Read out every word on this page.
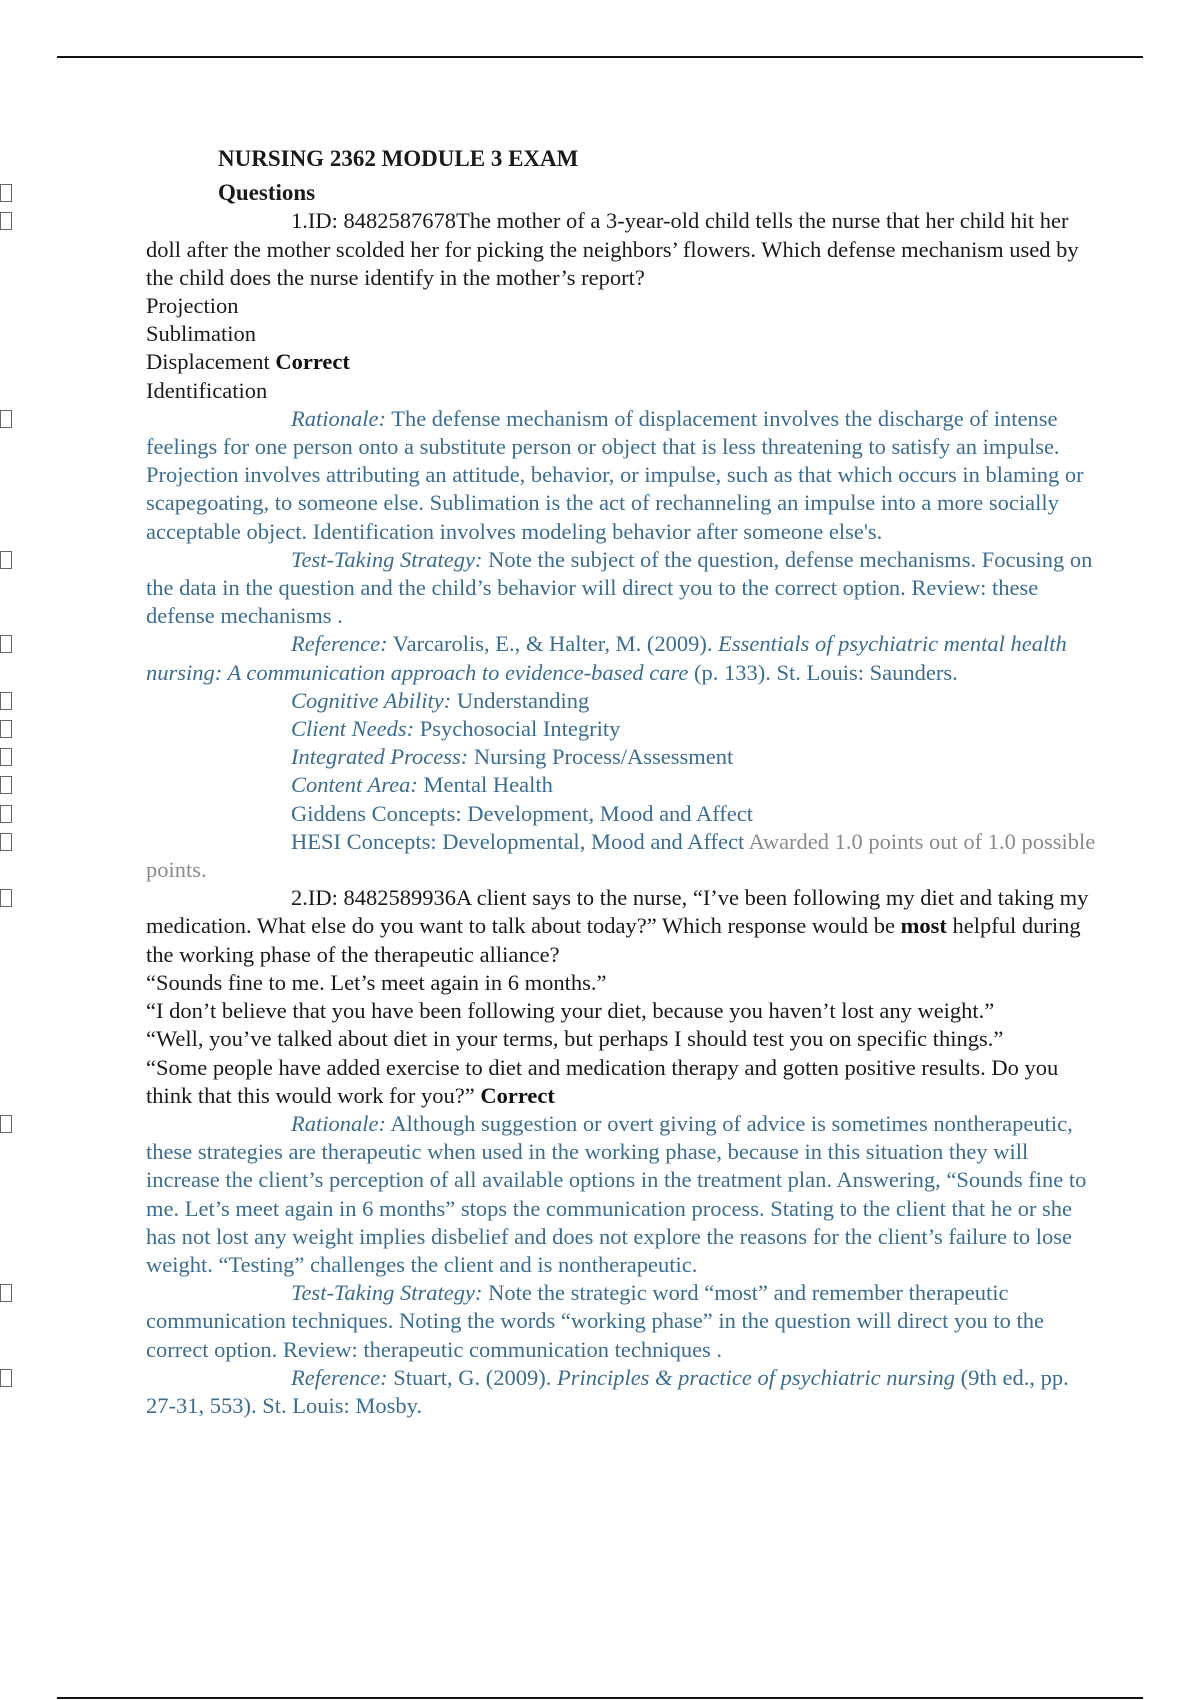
NURSING 2362 MODULE 3 EXAM

Questions

1.ID: 8482587678The mother of a 3-year-old child tells the nurse that her child hit her doll after the mother scolded her for picking the neighbors’ flowers. Which defense mechanism used by the child does the nurse identify in the mother’s report?

Projection

Sublimation

Displacement Correct

Identification

Rationale: The defense mechanism of displacement involves the discharge of intense feelings for one person onto a substitute person or object that is less threatening to satisfy an impulse. Projection involves attributing an attitude, behavior, or impulse, such as that which occurs in blaming or scapegoating, to someone else. Sublimation is the act of rechanneling an impulse into a more socially acceptable object. Identification involves modeling behavior after someone else's.

Test-Taking Strategy: Note the subject of the question, defense mechanisms. Focusing on the data in the question and the child’s behavior will direct you to the correct option. Review: these defense mechanisms .

Reference: Varcarolis, E., & Halter, M. (2009). Essentials of psychiatric mental health nursing: A communication approach to evidence-based care (p. 133). St. Louis: Saunders.

Cognitive Ability: Understanding

Client Needs: Psychosocial Integrity

Integrated Process: Nursing Process/Assessment

Content Area: Mental Health

Giddens Concepts: Development, Mood and Affect

HESI Concepts: Developmental, Mood and Affect Awarded 1.0 points out of 1.0 possible points.

2.ID: 8482589936A client says to the nurse, “I’ve been following my diet and taking my medication. What else do you want to talk about today?” Which response would be most helpful during the working phase of the therapeutic alliance?

“Sounds fine to me. Let’s meet again in 6 months.”

“I don’t believe that you have been following your diet, because you haven’t lost any weight.”

“Well, you’ve talked about diet in your terms, but perhaps I should test you on specific things.”

“Some people have added exercise to diet and medication therapy and gotten positive results. Do you think that this would work for you?” Correct

Rationale: Although suggestion or overt giving of advice is sometimes nontherapeutic, these strategies are therapeutic when used in the working phase, because in this situation they will increase the client’s perception of all available options in the treatment plan. Answering, “Sounds fine to me. Let’s meet again in 6 months” stops the communication process. Stating to the client that he or she has not lost any weight implies disbelief and does not explore the reasons for the client’s failure to lose weight. “Testing” challenges the client and is nontherapeutic.

Test-Taking Strategy: Note the strategic word “most” and remember therapeutic communication techniques. Noting the words “working phase” in the question will direct you to the correct option. Review: therapeutic communication techniques .

Reference: Stuart, G. (2009). Principles & practice of psychiatric nursing (9th ed., pp. 27-31, 553). St. Louis: Mosby.
